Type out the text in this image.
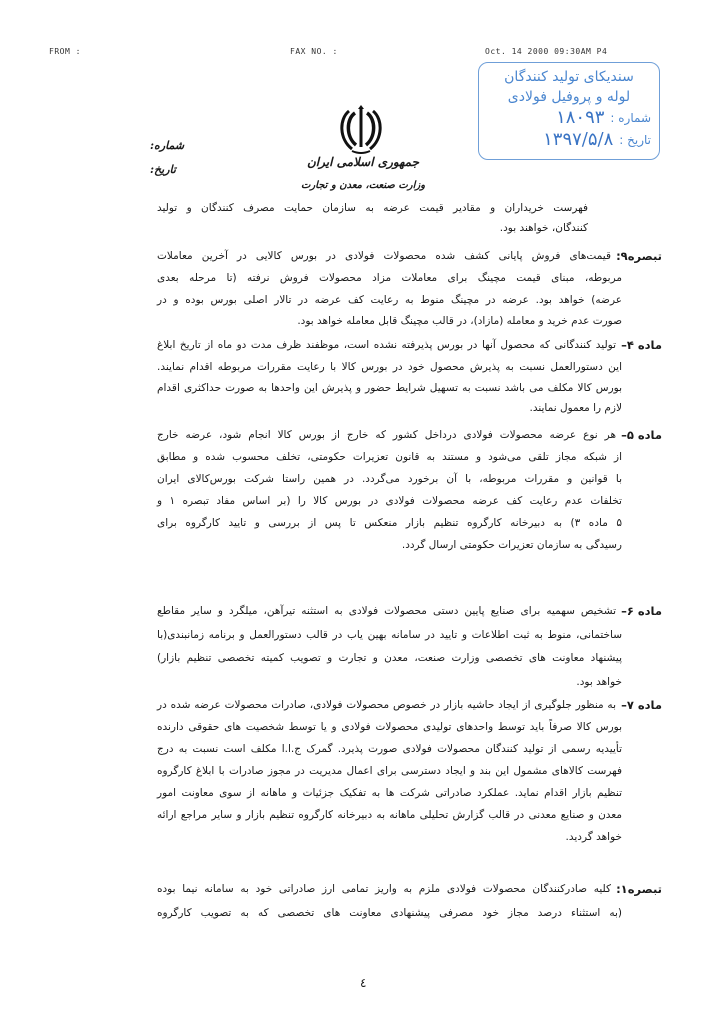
FROM :	FAX NO. :	Oct. 14 2000 09:30AM P4
سندیکای تولید کنندگان
لوله و پروفیل فولادی
شماره :
۱۸۰۹۳
تاریخ :
۱۳۹۷/۵/۸
شماره:
تاریخ:
جمهوری اسلامی ایران
وزارت صنعت، معدن و تجارت
فهرست خریداران و مقادیر قیمت عرضه به سازمان حمایت مصرف کنندگان و تولید
کنندگان، خواهند بود.
تبصره۹:
قیمت‌های فروش پایانی کشف شده محصولات فولادی در بورس کالایی در آخرین معاملات
مربوطه، مبنای قیمت مچینگ برای معاملات مزاد محصولات فروش نرفته (تا مرحله بعدی
عرضه) خواهد بود. عرضه در مچینگ منوط به رعایت کف عرضه در تالار اصلی بورس بوده و در
صورت عدم خرید و معامله (مازاد)، در قالب مچینگ قابل معامله خواهد بود.
ماده ۴–
تولید کنندگانی که محصول آنها در بورس پذیرفته نشده است، موظفند ظرف مدت دو ماه از تاریخ ابلاغ
این دستورالعمل نسبت به پذیرش محصول خود در بورس کالا با رعایت مقررات مربوطه اقدام نمایند.
بورس کالا مکلف می باشد نسبت به تسهیل شرایط حضور و پذیرش این واحدها به صورت حداکثری اقدام
لازم را معمول نمایند.
ماده ۵–
هر نوع عرضه محصولات فولادی درداخل کشور که خارج از بورس کالا انجام شود، عرضه خارج
از شبکه مجاز تلقی می‌شود و مستند به قانون تعزیرات حکومتی، تخلف محسوب شده و مطابق
با قوانین و مقررات مربوطه، با آن برخورد می‌گردد. در همین راستا شرکت بورس‌کالای ایران
تخلفات عدم رعایت کف عرضه محصولات فولادی در بورس کالا را (بر اساس مفاد تبصره ۱ و
۵ ماده ۳) به دبیرخانه کارگروه تنظیم بازار منعکس تا پس از بررسی و تایید کارگروه برای
رسیدگی به سازمان تعزیرات حکومتی ارسال گردد.
ماده ۶–
تشخیص سهمیه برای صنایع پایین دستی محصولات فولادی به استثنه تیرآهن، میلگرد و سایر مقاطع
ساختمانی، منوط به ثبت اطلاعات و تایید در سامانه بهین یاب در قالب دستورالعمل و برنامه زمانبندی(با
پیشنهاد معاونت های تخصصی وزارت صنعت، معدن و تجارت و تصویب کمیته تخصصی تنظیم بازار)
خواهد بود.
ماده ۷–
به منظور جلوگیری از ایجاد حاشیه بازار در خصوص محصولات فولادی، صادرات محصولات عرضه شده در
بورس کالا صرفاً باید توسط واحدهای تولیدی محصولات فولادی و یا توسط شخصیت های حقوقی دارنده
تأییدیه رسمی از تولید کنندگان محصولات فولادی صورت پذیرد. گمرک ج.ا.ا مکلف است نسبت به درج
فهرست کالاهای مشمول این بند و ایجاد دسترسی برای اعمال مدیریت در مجوز صادرات با ابلاغ کارگروه
تنظیم بازار اقدام نماید. عملکرد صادراتی شرکت ها به تفکیک جزئیات و ماهانه از سوی معاونت امور
معدن و صنایع معدنی در قالب گزارش تحلیلی ماهانه به دبیرخانه کارگروه تنظیم بازار و سایر مراجع ارائه
خواهد گردید.
تبصره۱:
کلیه صادرکنندگان محصولات فولادی ملزم به واریز تمامی ارز صادراتی خود به سامانه نیما بوده
(به استثناء درصد مجاز خود مصرفی پیشنهادی معاونت های تخصصی که به تصویب کارگروه
٤
